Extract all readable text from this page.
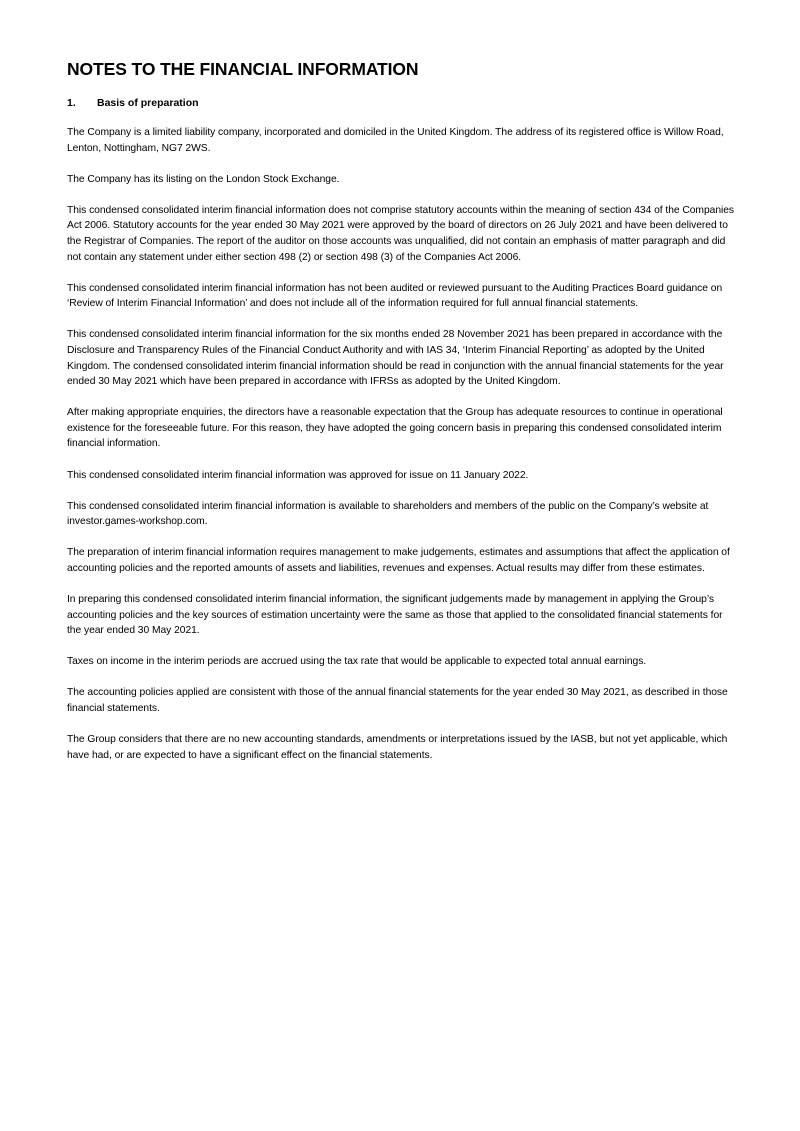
NOTES TO THE FINANCIAL INFORMATION
1.	Basis of preparation

The Company is a limited liability company, incorporated and domiciled in the United Kingdom. The address of its registered office is Willow Road, Lenton, Nottingham, NG7 2WS.

The Company has its listing on the London Stock Exchange.

This condensed consolidated interim financial information does not comprise statutory accounts within the meaning of section 434 of the Companies Act 2006. Statutory accounts for the year ended 30 May 2021 were approved by the board of directors on 26 July 2021 and have been delivered to the Registrar of Companies. The report of the auditor on those accounts was unqualified, did not contain an emphasis of matter paragraph and did not contain any statement under either section 498 (2) or section 498 (3) of the Companies Act 2006.

This condensed consolidated interim financial information has not been audited or reviewed pursuant to the Auditing Practices Board guidance on ‘Review of Interim Financial Information’ and does not include all of the information required for full annual financial statements.

This condensed consolidated interim financial information for the six months ended 28 November 2021 has been prepared in accordance with the Disclosure and Transparency Rules of the Financial Conduct Authority and with IAS 34, ‘Interim Financial Reporting’ as adopted by the United Kingdom. The condensed consolidated interim financial information should be read in conjunction with the annual financial statements for the year ended 30 May 2021 which have been prepared in accordance with IFRSs as adopted by the United Kingdom.

After making appropriate enquiries, the directors have a reasonable expectation that the Group has adequate resources to continue in operational existence for the foreseeable future. For this reason, they have adopted the going concern basis in preparing this condensed consolidated interim financial information.

This condensed consolidated interim financial information was approved for issue on 11 January 2022.

This condensed consolidated interim financial information is available to shareholders and members of the public on the Company’s website at investor.games-workshop.com.

The preparation of interim financial information requires management to make judgements, estimates and assumptions that affect the application of accounting policies and the reported amounts of assets and liabilities, revenues and expenses. Actual results may differ from these estimates.

In preparing this condensed consolidated interim financial information, the significant judgements made by management in applying the Group’s accounting policies and the key sources of estimation uncertainty were the same as those that applied to the consolidated financial statements for the year ended 30 May 2021.

Taxes on income in the interim periods are accrued using the tax rate that would be applicable to expected total annual earnings.

The accounting policies applied are consistent with those of the annual financial statements for the year ended 30 May 2021, as described in those financial statements.

The Group considers that there are no new accounting standards, amendments or interpretations issued by the IASB, but not yet applicable, which have had, or are expected to have a significant effect on the financial statements.
